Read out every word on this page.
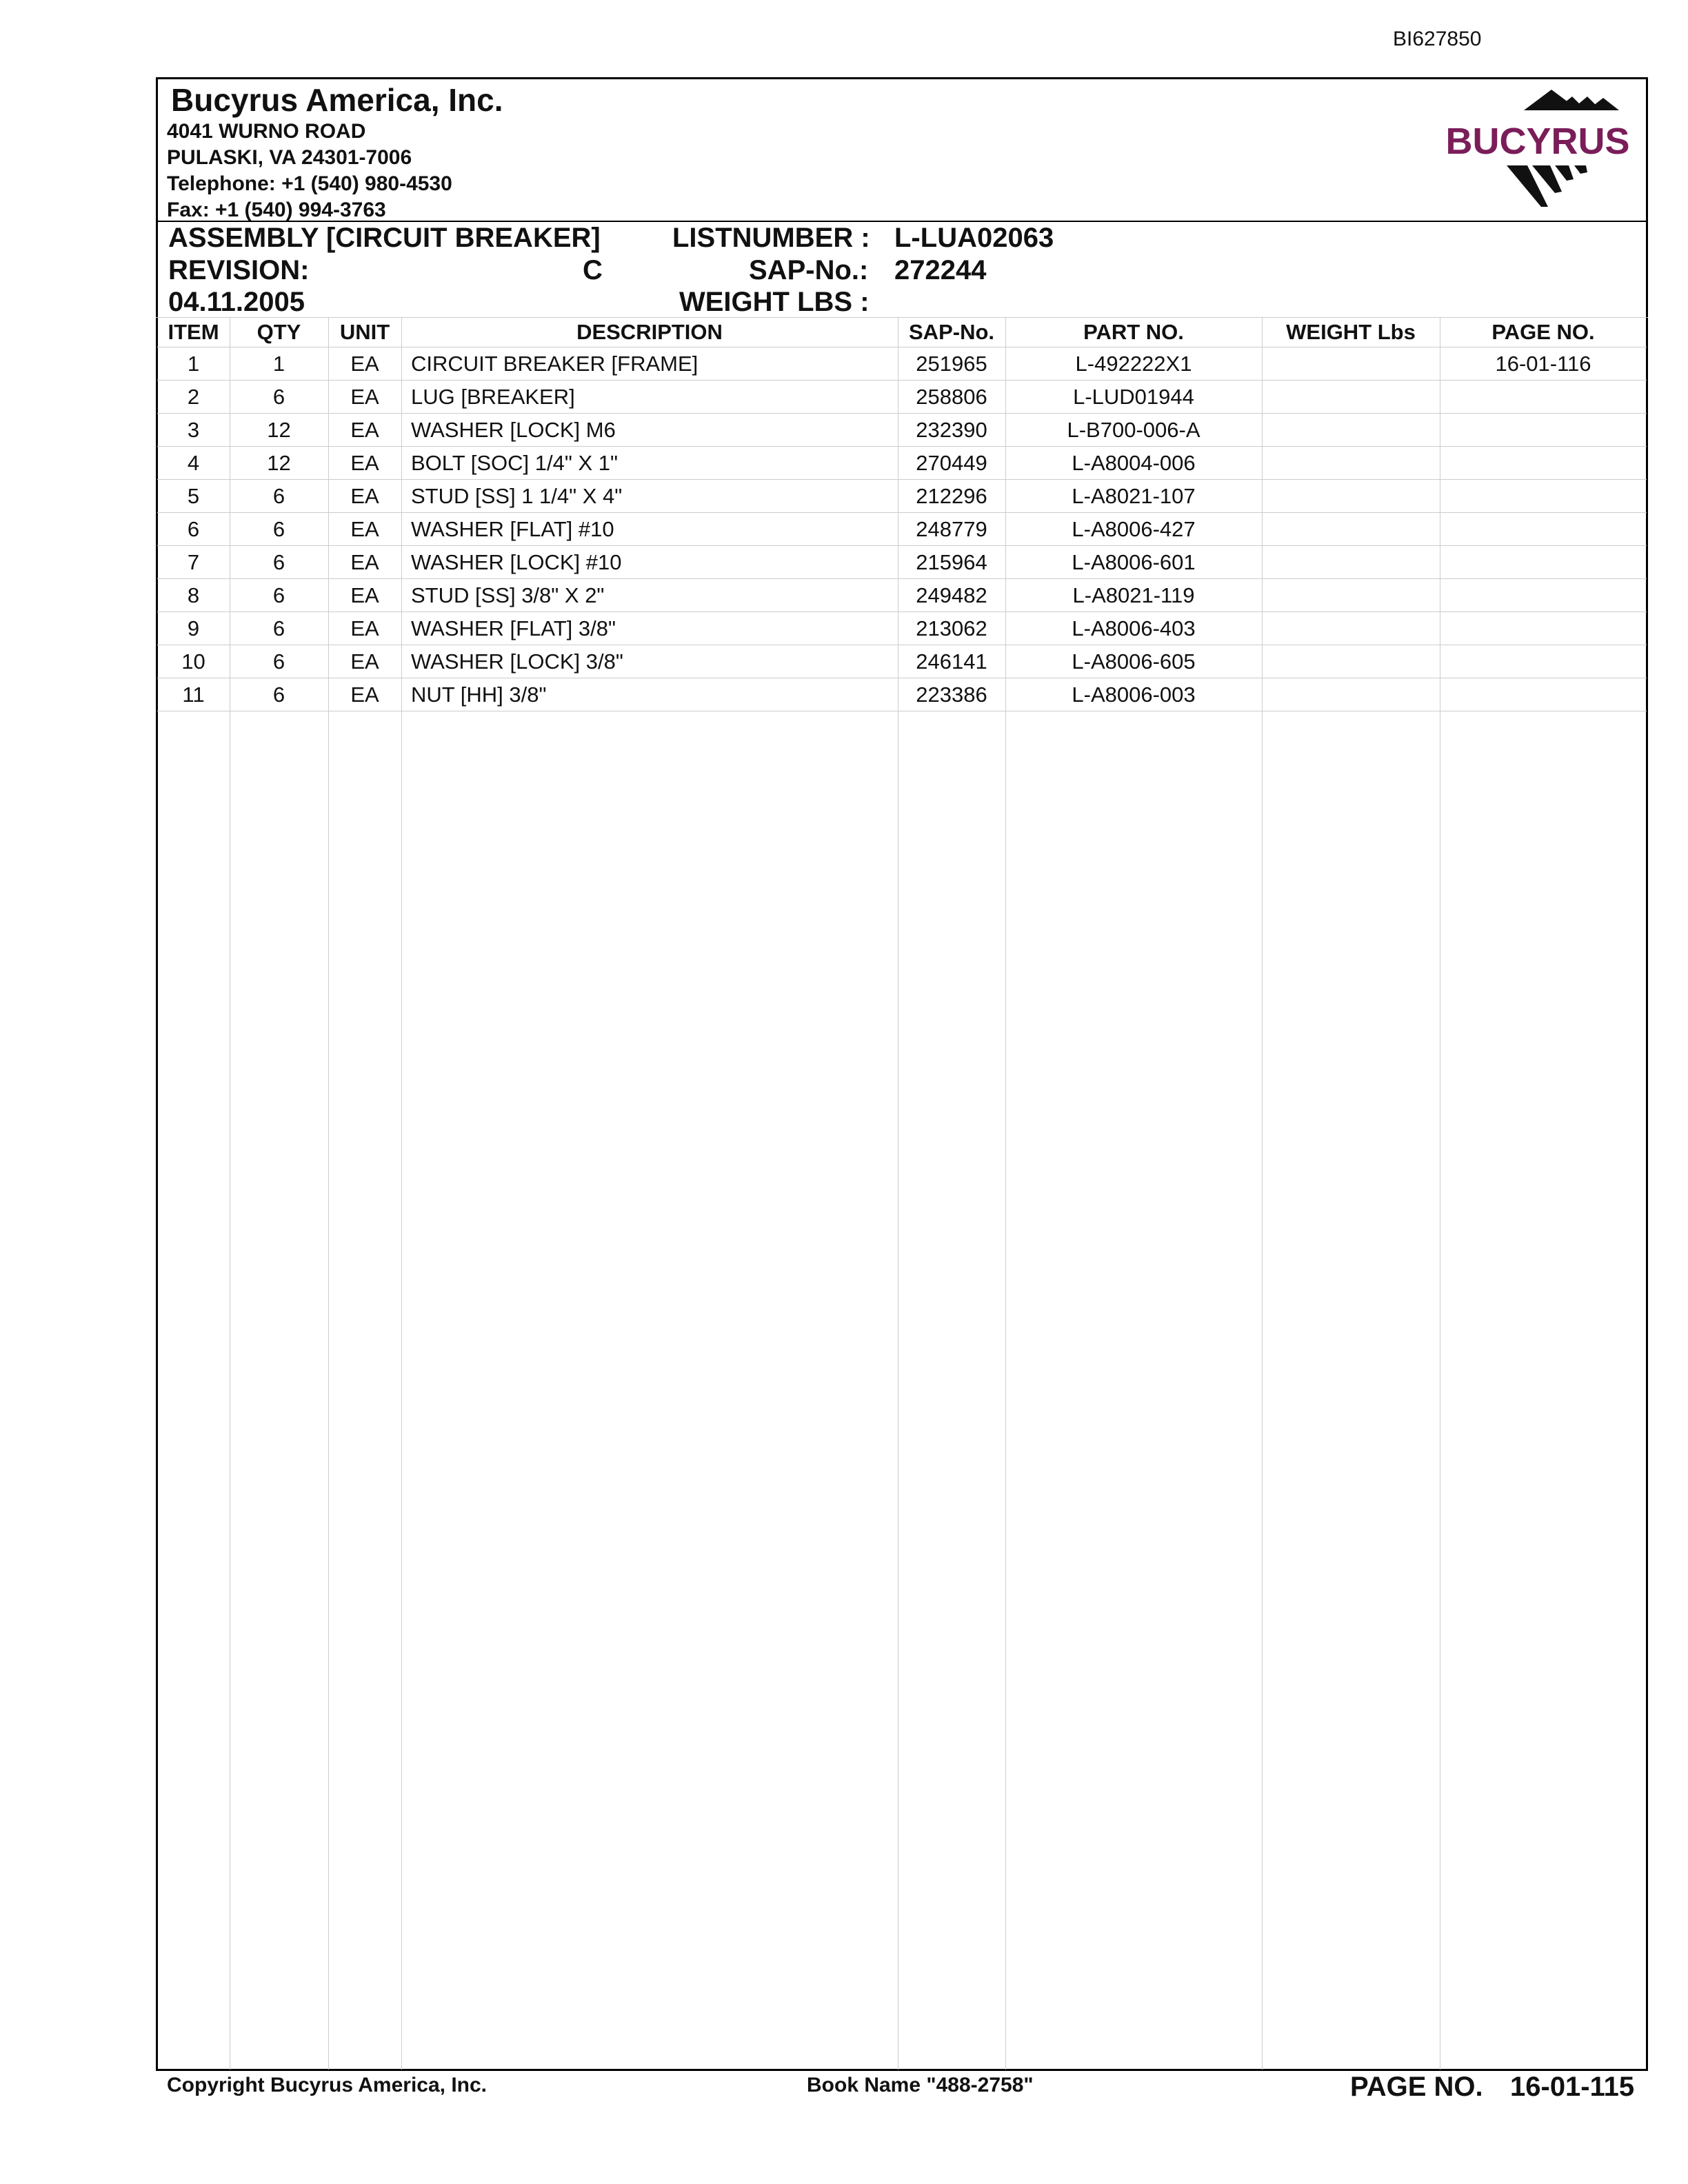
BI627850
Bucyrus America, Inc.
4041 WURNO ROAD
PULASKI, VA 24301-7006
Telephone: +1 (540) 980-4530
Fax: +1 (540) 994-3763
BUCYRUS
ASSEMBLY [CIRCUIT BREAKER]
REVISION:	C
04.11.2005
LISTNUMBER : L-LUA02063
SAP-No.: 272244
WEIGHT LBS :
ITEM	QTY	UNIT	DESCRIPTION	SAP-No.	PART NO.	WEIGHT Lbs	PAGE NO.
1	1	EA	CIRCUIT BREAKER [FRAME]	251965	L-492222X1		16-01-116
2	6	EA	LUG [BREAKER]	258806	L-LUD01944		
3	12	EA	WASHER [LOCK] M6	232390	L-B700-006-A		
4	12	EA	BOLT [SOC] 1/4" X 1"	270449	L-A8004-006		
5	6	EA	STUD [SS] 1 1/4" X 4"	212296	L-A8021-107		
6	6	EA	WASHER [FLAT] #10	248779	L-A8006-427		
7	6	EA	WASHER [LOCK] #10	215964	L-A8006-601		
8	6	EA	STUD [SS] 3/8" X 2"	249482	L-A8021-119		
9	6	EA	WASHER [FLAT] 3/8"	213062	L-A8006-403		
10	6	EA	WASHER [LOCK] 3/8"	246141	L-A8006-605		
11	6	EA	NUT [HH] 3/8"	223386	L-A8006-003		
Copyright Bucyrus America, Inc.	Book Name "488-2758"	PAGE NO. 16-01-115
